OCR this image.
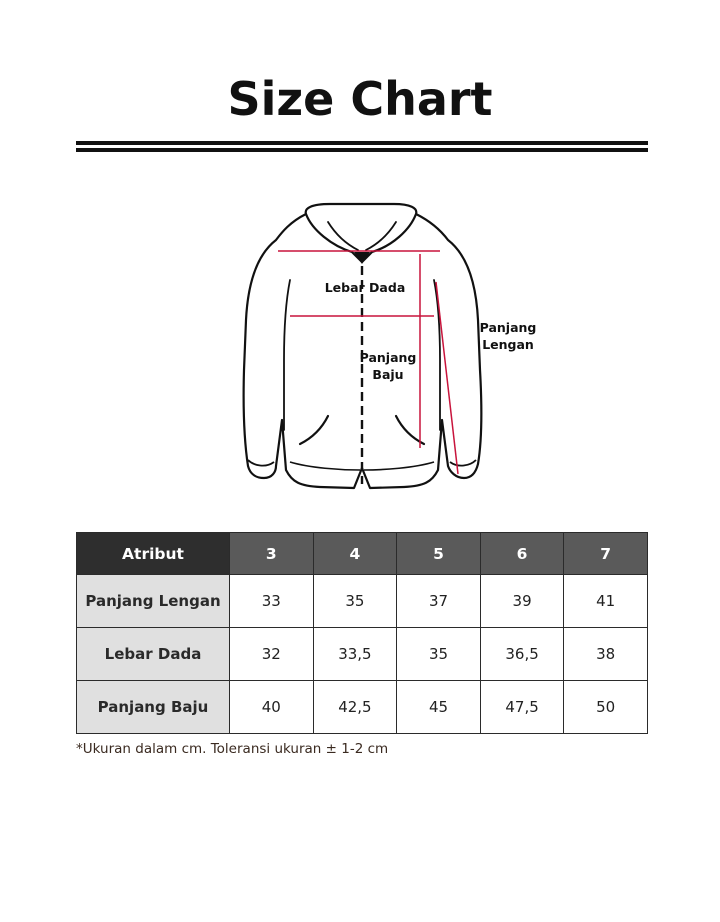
Size Chart
Lebar Dada
Panjang
Baju
Panjang
Lengan
Atribut	3	4	5	6	7
Panjang Lengan	33	35	37	39	41
Lebar Dada	32	33,5	35	36,5	38
Panjang Baju	40	42,5	45	47,5	50
*Ukuran dalam cm. Toleransi ukuran ± 1-2 cm
